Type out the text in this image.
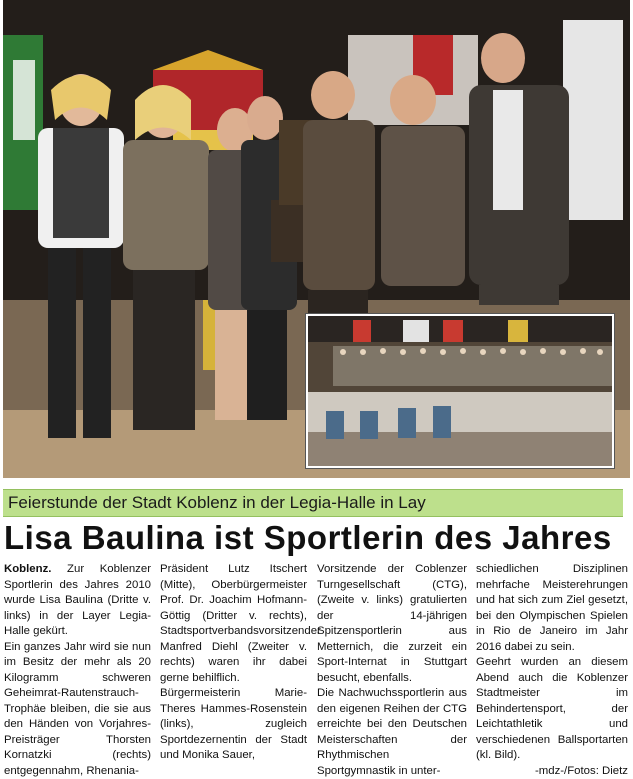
Feierstunde der Stadt Koblenz in der Legia-Halle in Lay
Lisa Baulina ist Sportlerin des Jahres

Koblenz. Zur Koblenzer Sportlerin des Jahres 2010 wurde Lisa Baulina (Dritte v. links) in der Layer Legia-Halle gekürt.

Ein ganzes Jahr wird sie nun im Besitz der mehr als 20 Kilogramm schweren Geheimrat-Rautenstrauch-Trophäe bleiben, die sie aus den Händen von Vorjahres-Preisträger Thorsten Kornatzki (rechts) entgegennahm, Rhenania-

Präsident Lutz Itschert (Mitte), Oberbürgermeister Prof. Dr. Joachim Hofmann-Göttig (Dritter v. rechts), Stadtsportverbandsvorsitzender Manfred Diehl (Zweiter v. rechts) waren ihr dabei gerne behilflich.

Bürgermeisterin Marie-Theres Hammes-Rosenstein (links), zugleich Sportdezernentin der Stadt und Monika Sauer,

Vorsitzende der Coblenzer Turngesellschaft (CTG), (Zweite v. links) gratulierten der 14-jährigen Spitzensportlerin aus Metternich, die zurzeit ein Sport-Internat in Stuttgart besucht, ebenfalls.

Die Nachwuchssportlerin aus den eigenen Reihen der CTG erreichte bei den Deutschen Meisterschaften der Rhythmischen Sportgymnastik in unter-

schiedlichen Disziplinen mehrfache Meisterehrungen und hat sich zum Ziel gesetzt, bei den Olympischen Spielen in Rio de Janeiro im Jahr 2016 dabei zu sein.

Geehrt wurden an diesem Abend auch die Koblenzer Stadtmeister im Behindertensport, der Leichtathletik und verschiedenen Ballsportarten (kl. Bild).

-mdz-/Fotos: Dietz
